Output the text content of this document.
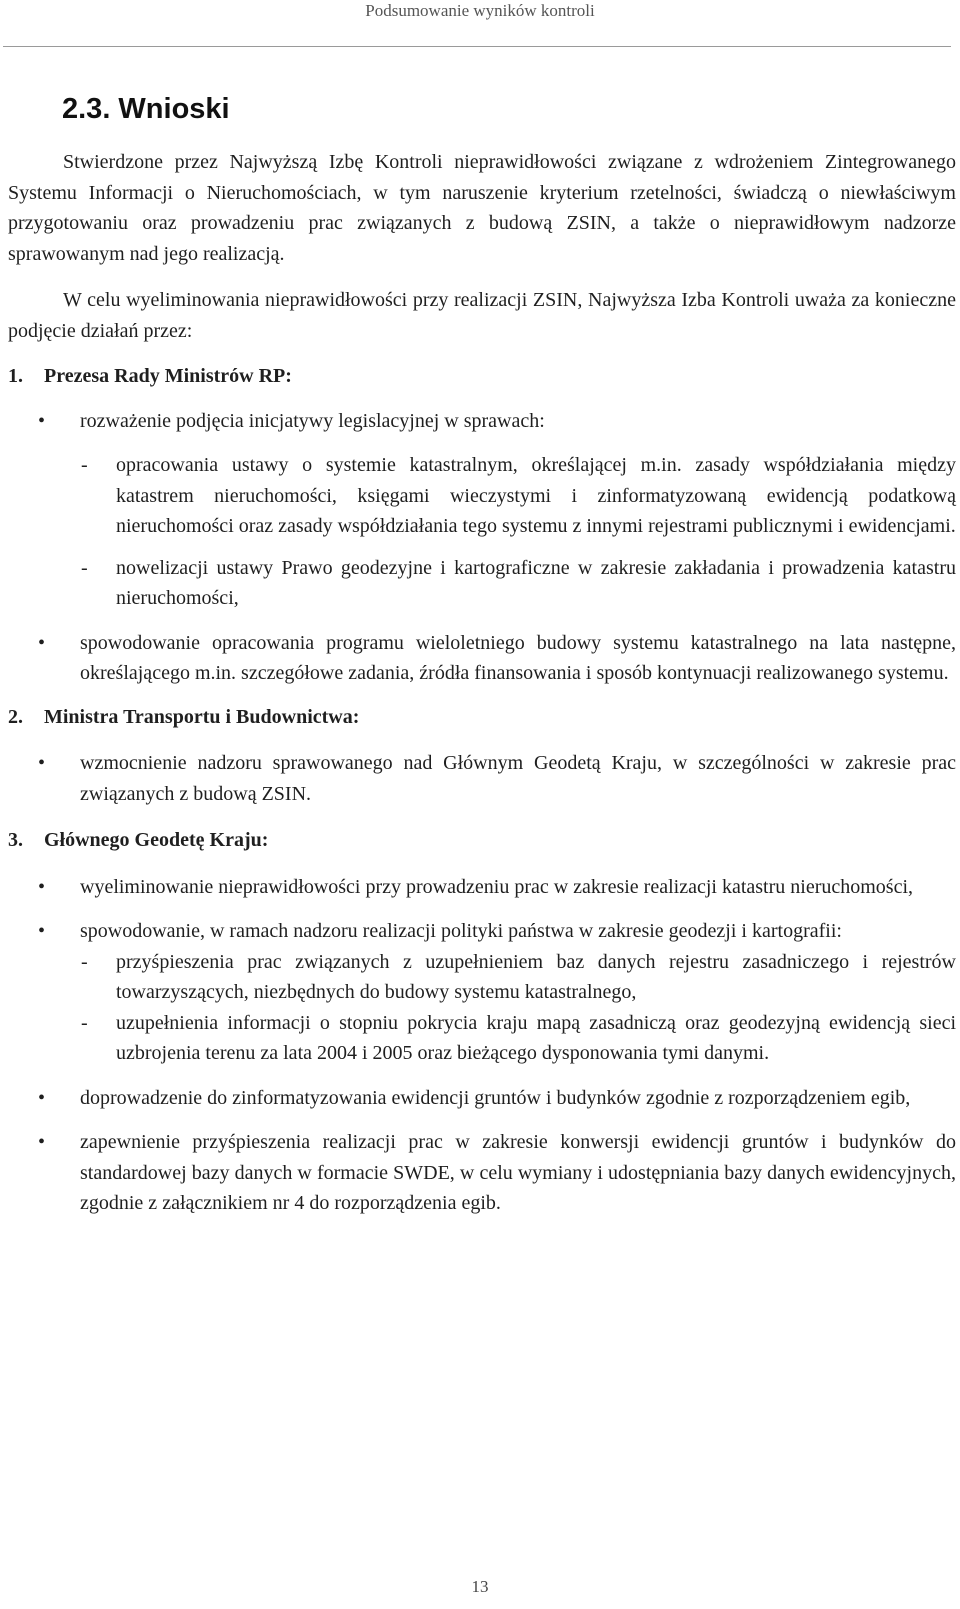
Podsumowanie wyników kontroli
2.3. Wnioski

Stwierdzone przez Najwyższą Izbę Kontroli nieprawidłowości związane z wdrożeniem Zintegrowanego Systemu Informacji o Nieruchomościach, w tym naruszenie kryterium rzetelności, świadczą o niewłaściwym przygotowaniu oraz prowadzeniu prac związanych z budową ZSIN, a także o nieprawidłowym nadzorze sprawowanym nad jego realizacją.

W celu wyeliminowania nieprawidłowości przy realizacji ZSIN, Najwyższa Izba Kontroli uważa za konieczne podjęcie działań przez:

1.	Prezesa Rady Ministrów RP:
•	rozważenie podjęcia inicjatywy legislacyjnej w sprawach:
-	opracowania ustawy o systemie katastralnym, określającej m.in. zasady współdziałania między katastrem nieruchomości, księgami wieczystymi i zinformatyzowaną ewidencją podatkową nieruchomości oraz zasady współdziałania tego systemu z innymi rejestrami publicznymi i ewidencjami.
-	nowelizacji ustawy Prawo geodezyjne i kartograficzne w zakresie zakładania i prowadzenia katastru nieruchomości,
•	spowodowanie opracowania programu wieloletniego budowy systemu katastralnego na lata następne, określającego m.in. szczegółowe zadania, źródła finansowania i sposób kontynuacji realizowanego systemu.
2.	Ministra Transportu i Budownictwa:
•	wzmocnienie nadzoru sprawowanego nad Głównym Geodetą Kraju, w szczególności w zakresie prac związanych z budową ZSIN.
3.	Głównego Geodetę Kraju:
•	wyeliminowanie nieprawidłowości przy prowadzeniu prac w zakresie realizacji katastru nieruchomości,
•	spowodowanie, w ramach nadzoru realizacji polityki państwa w zakresie geodezji i kartografii:
-	przyśpieszenia prac związanych z uzupełnieniem baz danych rejestru zasadniczego i rejestrów towarzyszących, niezbędnych do budowy systemu katastralnego,
-	uzupełnienia informacji o stopniu pokrycia kraju mapą zasadniczą oraz geodezyjną ewidencją sieci uzbrojenia terenu za lata 2004 i 2005 oraz bieżącego dysponowania tymi danymi.
•	doprowadzenie do zinformatyzowania ewidencji gruntów i budynków zgodnie z rozporządzeniem egib,
•	zapewnienie przyśpieszenia realizacji prac w zakresie konwersji ewidencji gruntów i budynków do standardowej bazy danych w formacie SWDE, w celu wymiany i udostępniania bazy danych ewidencyjnych, zgodnie z załącznikiem nr 4 do rozporządzenia egib.
13
